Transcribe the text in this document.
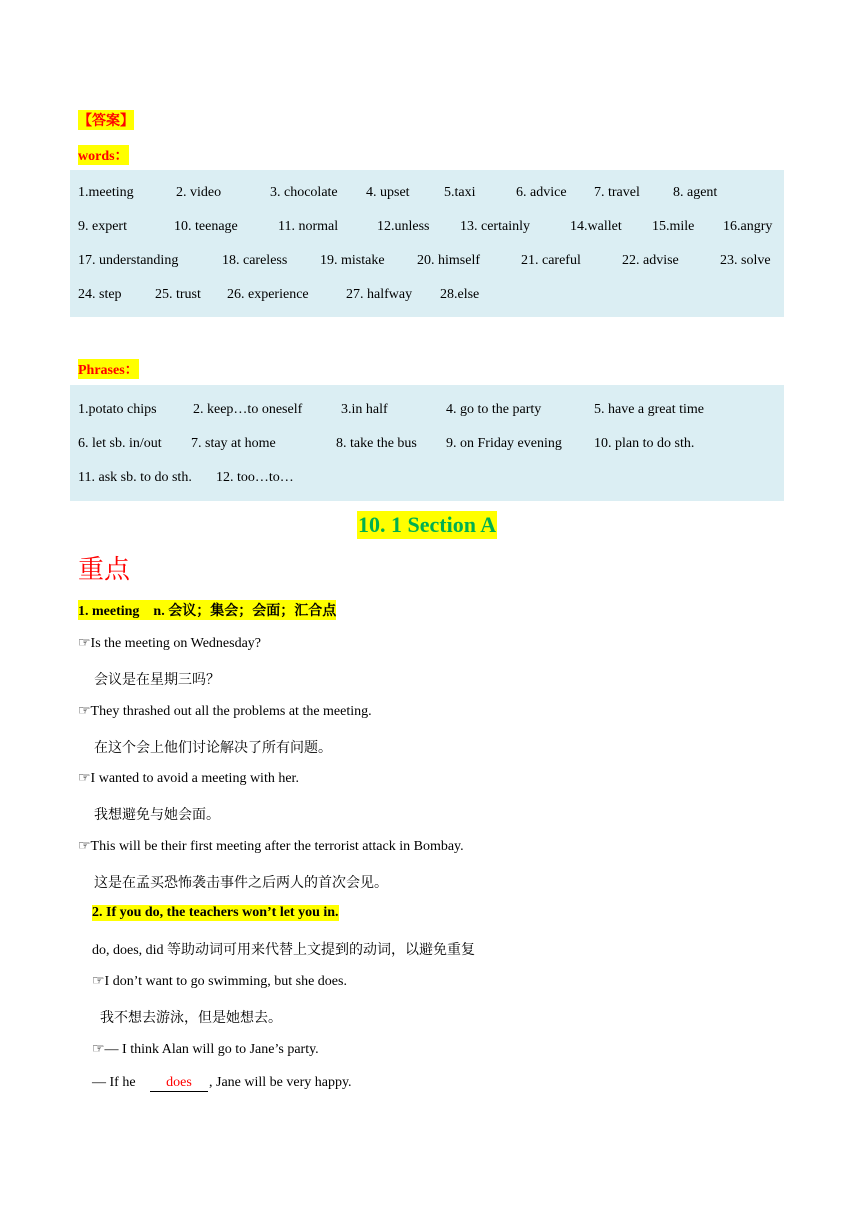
【答案】
words：
1.meeting	2. video	3. chocolate 4. upset 5.taxi	6. advice 7. travel 8. agent
9. expert	10. teenage	11. normal	12.unless 13. certainly	14.wallet 15.mile 16.angry
17. understanding	18. careless 19. mistake 20. himself	21. careful	22. advise	23. solve
24. step 25. trust 26. experience	27. halfway 28.else
Phrases：
1.potato chips	2. keep…to oneself	3.in half	4. go to the party	5. have a great time
6. let sb. in/out 7. stay at home	8. take the bus 9. on Friday evening 10. plan to do sth.
11. ask sb. to do sth. 12. too…to…
10. 1 Section A
重点
1. meeting　n. 会议；集会；会面；汇合点
☞Is the meeting on Wednesday?
会议是在星期三吗？
☞They thrashed out all the problems at the meeting.
在这个会上他们讨论解决了所有问题。
☞I wanted to avoid a meeting with her.
我想避免与她会面。
☞This will be their first meeting after the terrorist attack in Bombay.
这是在孟买恐怖袭击事件之后两人的首次会见。
2. If you do, the teachers won’t let you in.
do, does, did 等助动词可用来代替上文提到的动词，以避免重复
☞I don’t want to go swimming, but she does.
我不想去游泳，但是她想去。
☞— I think Alan will go to Jane’s party.
— If he	does	, Jane will be very happy.
